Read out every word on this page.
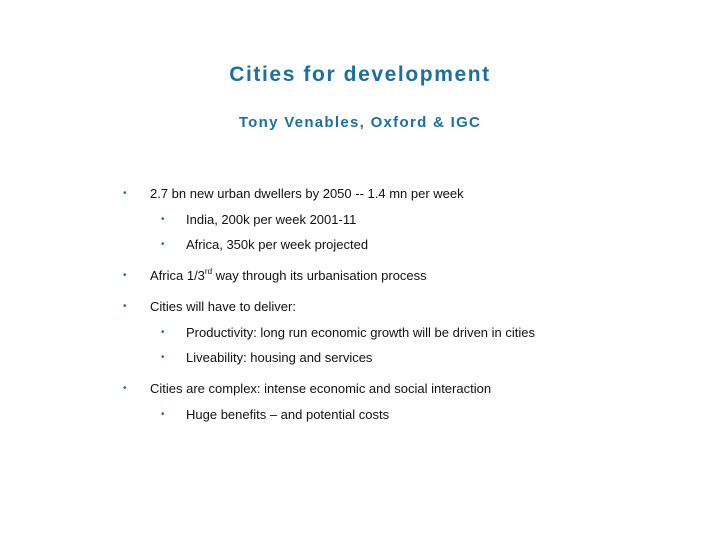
Cities for development
Tony Venables, Oxford & IGC
• 2.7 bn new urban dwellers by 2050 -- 1.4 mn per week
• India, 200k per week 2001-11
• Africa, 350k per week projected
• Africa 1/3rd way through its urbanisation process
• Cities will have to deliver:
• Productivity: long run economic growth will be driven in cities
• Liveability: housing and services
• Cities are complex: intense economic and social interaction
• Huge benefits – and potential costs
